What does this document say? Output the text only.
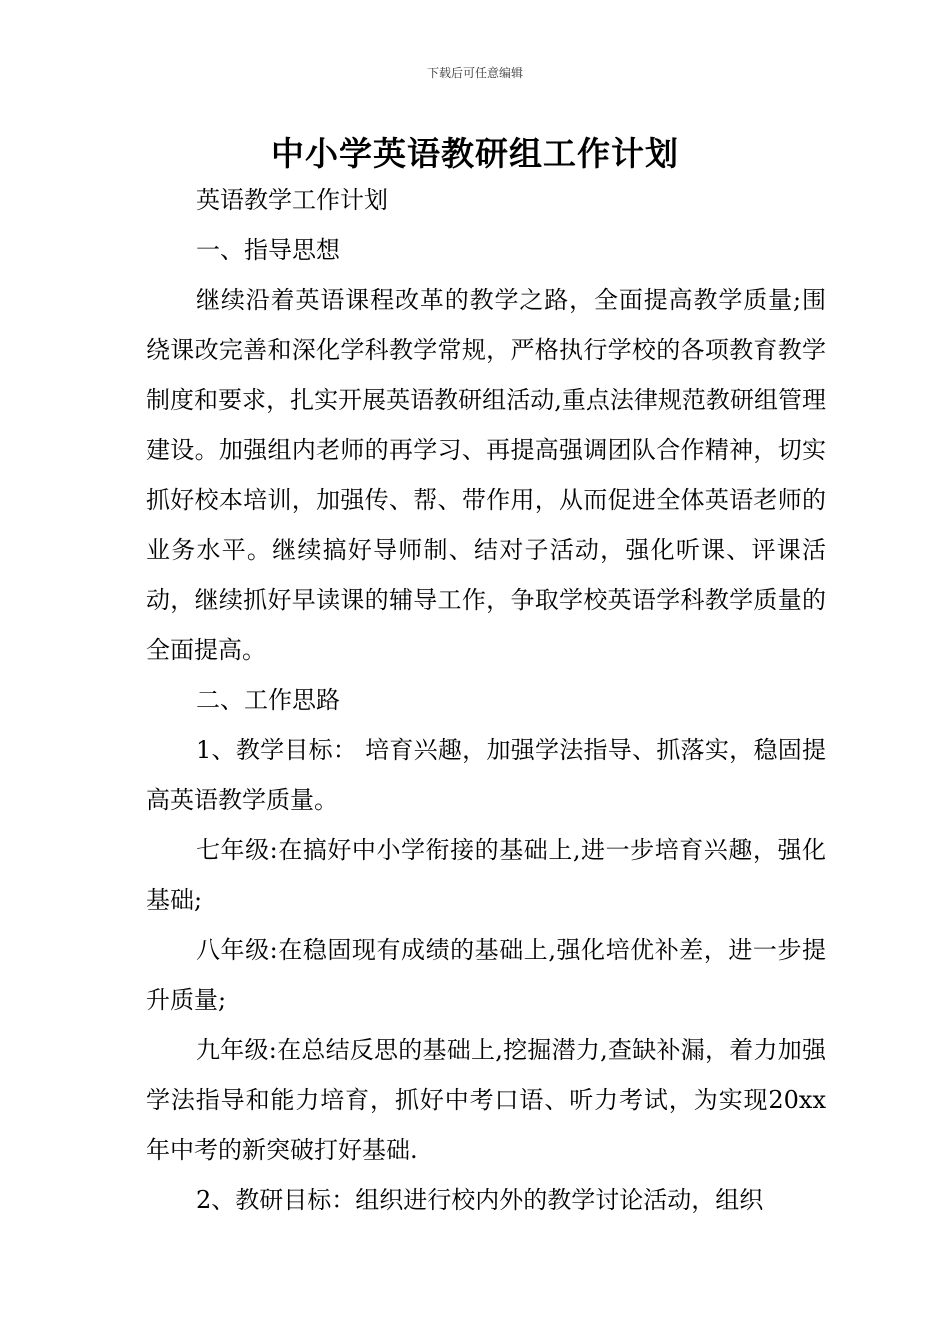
下载后可任意编辑
中小学英语教研组工作计划

英语教学工作计划

一、指导思想

继续沿着英语课程改革的教学之路，全面提高教学质量;围绕课改完善和深化学科教学常规，严格执行学校的各项教育教学制度和要求，扎实开展英语教研组活动,重点法律规范教研组管理建设。加强组内老师的再学习、再提高强调团队合作精神，切实抓好校本培训，加强传、帮、带作用，从而促进全体英语老师的业务水平。继续搞好导师制、结对子活动，强化听课、评课活动，继续抓好早读课的辅导工作，争取学校英语学科教学质量的全面提高。

二、工作思路

1、教学目标： 培育兴趣，加强学法指导、抓落实，稳固提高英语教学质量。

七年级:在搞好中小学衔接的基础上,进一步培育兴趣，强化基础;

八年级:在稳固现有成绩的基础上,强化培优补差，进一步提升质量;

九年级:在总结反思的基础上,挖掘潜力,查缺补漏，着力加强学法指导和能力培育，抓好中考口语、听力考试，为实现20xx年中考的新突破打好基础.

2、教研目标：组织进行校内外的教学讨论活动，组织
